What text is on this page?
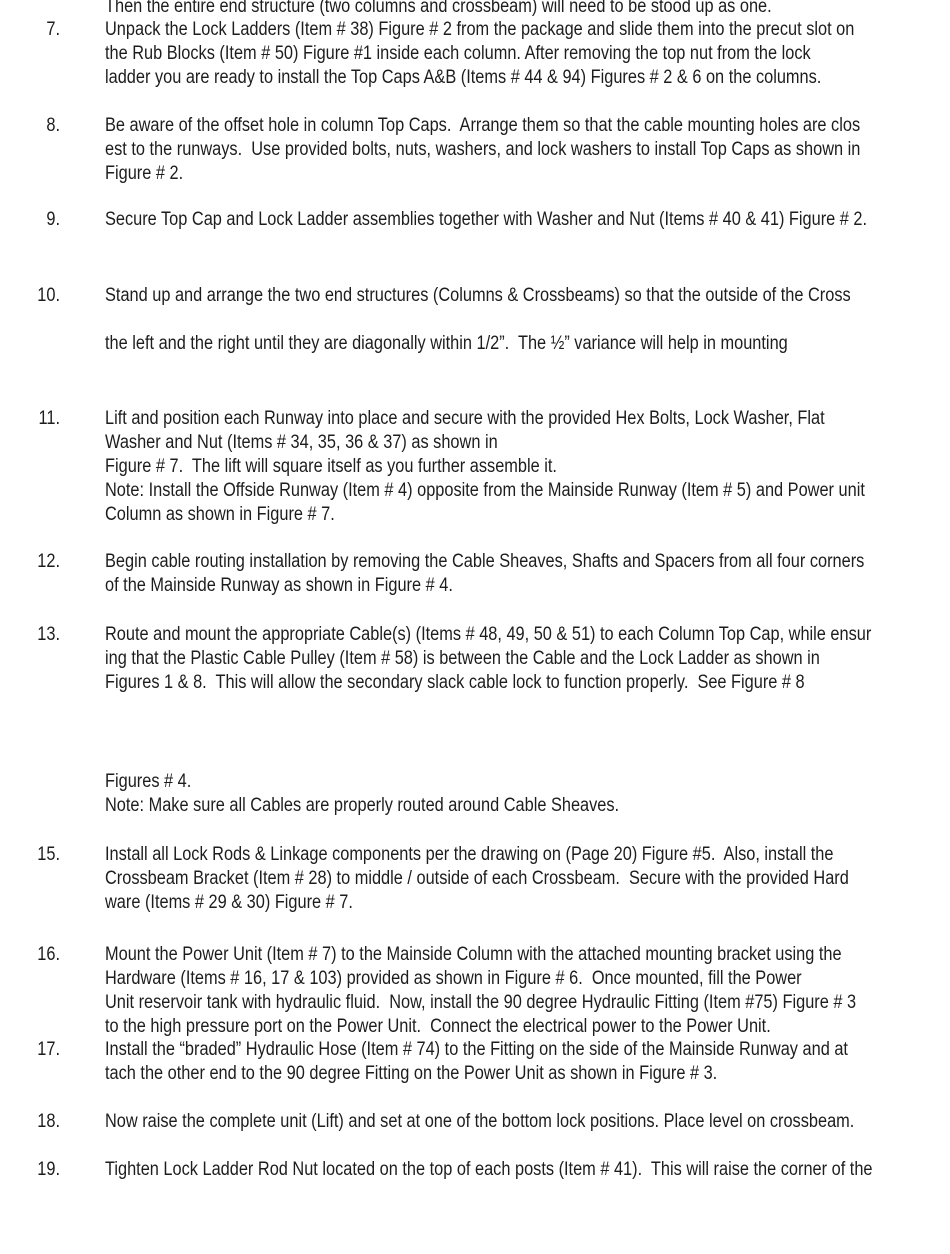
Then the entire end structure (two columns and crossbeam) will need to be stood up as one.
7. Unpack the Lock Ladders (Item # 38) Figure # 2 from the package and slide them into the precut slot on
the Rub Blocks (Item # 50) Figure #1 inside each column. After removing the top nut from the lock
ladder you are ready to install the Top Caps A&B (Items # 44 & 94) Figures # 2 & 6 on the columns.
8. Be aware of the offset hole in column Top Caps.  Arrange them so that the cable mounting holes are clos
est to the runways.  Use provided bolts, nuts, washers, and lock washers to install Top Caps as shown in
Figure # 2.
9. Secure Top Cap and Lock Ladder assemblies together with Washer and Nut (Items # 40 & 41) Figure # 2.
10. Stand up and arrange the two end structures (Columns & Crossbeams) so that the outside of the Cross
the left and the right until they are diagonally within 1/2”.  The ½” variance will help in mounting
11. Lift and position each Runway into place and secure with the provided Hex Bolts, Lock Washer, Flat
Washer and Nut (Items # 34, 35, 36 & 37) as shown in
Figure # 7.  The lift will square itself as you further assemble it.
Note: Install the Offside Runway (Item # 4) opposite from the Mainside Runway (Item # 5) and Power unit
Column as shown in Figure # 7.
12. Begin cable routing installation by removing the Cable Sheaves, Shafts and Spacers from all four corners
of the Mainside Runway as shown in Figure # 4.
13. Route and mount the appropriate Cable(s) (Items # 48, 49, 50 & 51) to each Column Top Cap, while ensur
ing that the Plastic Cable Pulley (Item # 58) is between the Cable and the Lock Ladder as shown in
Figures 1 & 8.  This will allow the secondary slack cable lock to function properly.  See Figure # 8
Figures # 4.
Note: Make sure all Cables are properly routed around Cable Sheaves.
15. Install all Lock Rods & Linkage components per the drawing on (Page 20) Figure #5.  Also, install the
Crossbeam Bracket (Item # 28) to middle / outside of each Crossbeam.  Secure with the provided Hard
ware (Items # 29 & 30) Figure # 7.
16. Mount the Power Unit (Item # 7) to the Mainside Column with the attached mounting bracket using the
Hardware (Items # 16, 17 & 103) provided as shown in Figure # 6.  Once mounted, fill the Power
Unit reservoir tank with hydraulic fluid.  Now, install the 90 degree Hydraulic Fitting (Item #75) Figure # 3
to the high pressure port on the Power Unit.  Connect the electrical power to the Power Unit.
17. Install the “braded” Hydraulic Hose (Item # 74) to the Fitting on the side of the Mainside Runway and at
tach the other end to the 90 degree Fitting on the Power Unit as shown in Figure # 3.
18. Now raise the complete unit (Lift) and set at one of the bottom lock positions. Place level on crossbeam.
19. Tighten Lock Ladder Rod Nut located on the top of each posts (Item # 41).  This will raise the corner of the
